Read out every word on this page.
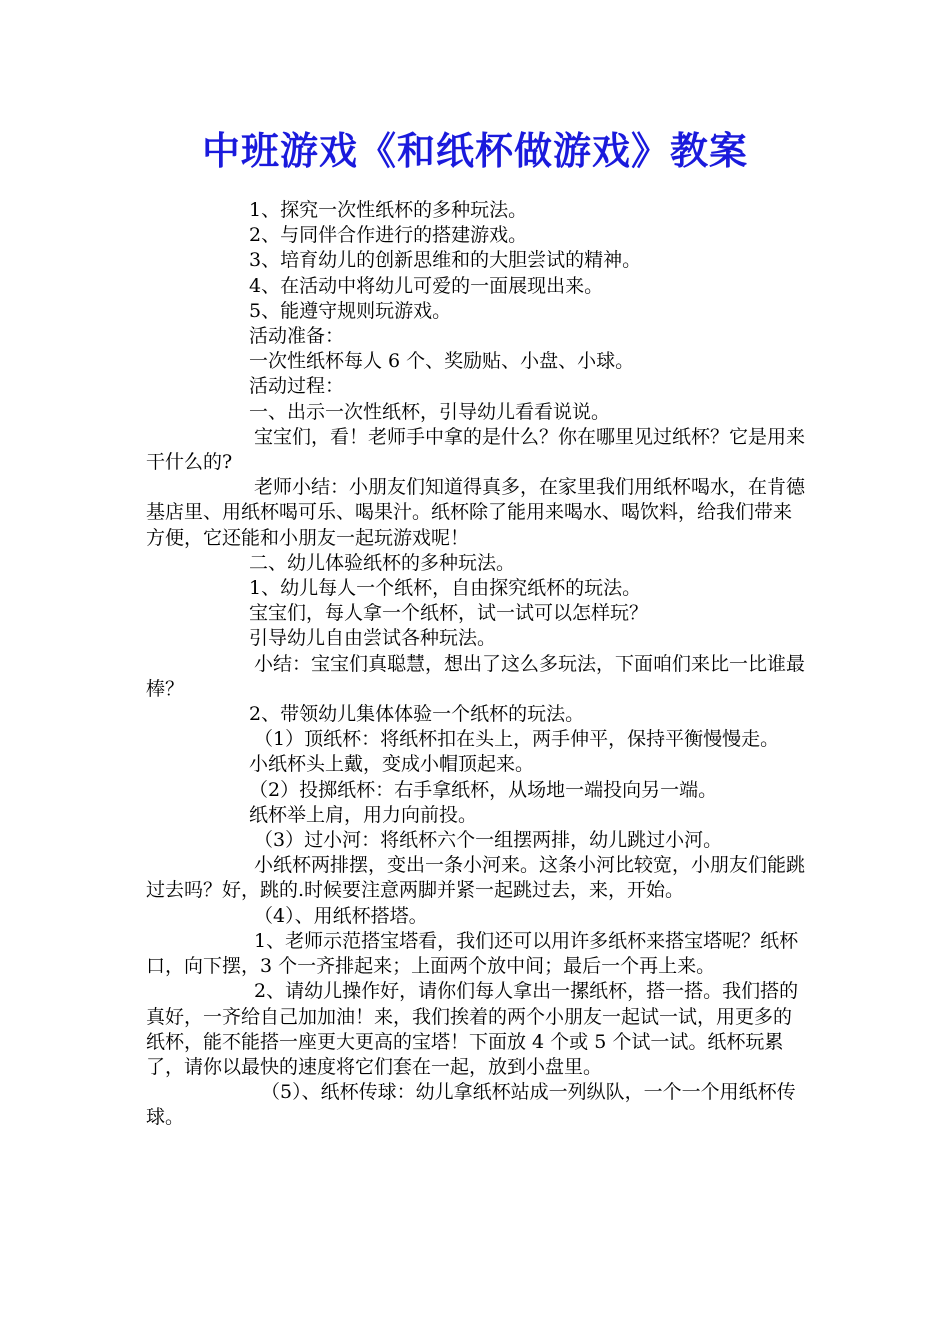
中班游戏《和纸杯做游戏》教案

1、探究一次性纸杯的多种玩法。

2、与同伴合作进行的搭建游戏。

3、培育幼儿的创新思维和的大胆尝试的精神。

4、在活动中将幼儿可爱的一面展现出来。

5、能遵守规则玩游戏。

活动准备：

一次性纸杯每人 6 个、奖励贴、小盘、小球。

活动过程：

一、出示一次性纸杯，引导幼儿看看说说。

宝宝们，看！老师手中拿的是什么？你在哪里见过纸杯？它是用来干什么的?

老师小结：小朋友们知道得真多，在家里我们用纸杯喝水，在肯德基店里、用纸杯喝可乐、喝果汁。纸杯除了能用来喝水、喝饮料，给我们带来方便，它还能和小朋友一起玩游戏呢！

二、幼儿体验纸杯的多种玩法。

1、幼儿每人一个纸杯，自由探究纸杯的玩法。

宝宝们，每人拿一个纸杯，试一试可以怎样玩？

引导幼儿自由尝试各种玩法。

小结：宝宝们真聪慧，想出了这么多玩法，下面咱们来比一比谁最棒？

2、带领幼儿集体体验一个纸杯的玩法。

（1）顶纸杯：将纸杯扣在头上，两手伸平，保持平衡慢慢走。

小纸杯头上戴，变成小帽顶起来。

（2）投掷纸杯：右手拿纸杯，从场地一端投向另一端。

纸杯举上肩，用力向前投。

（3）过小河：将纸杯六个一组摆两排，幼儿跳过小河。

小纸杯两排摆，变出一条小河来。这条小河比较宽，小朋友们能跳过去吗？好，跳的.时候要注意两脚并紧一起跳过去，来，开始。

（4）、用纸杯搭塔。

1、老师示范搭宝塔看，我们还可以用许多纸杯来搭宝塔呢？纸杯口，向下摆，3 个一齐排起来；上面两个放中间；最后一个再上来。

2、请幼儿操作好，请你们每人拿出一摞纸杯，搭一搭。我们搭的真好，一齐给自己加加油！来，我们挨着的两个小朋友一起试一试，用更多的纸杯，能不能搭一座更大更高的宝塔！下面放 4 个或 5 个试一试。纸杯玩累了，请你以最快的速度将它们套在一起，放到小盘里。

（5）、纸杯传球：幼儿拿纸杯站成一列纵队，一个一个用纸杯传球。
